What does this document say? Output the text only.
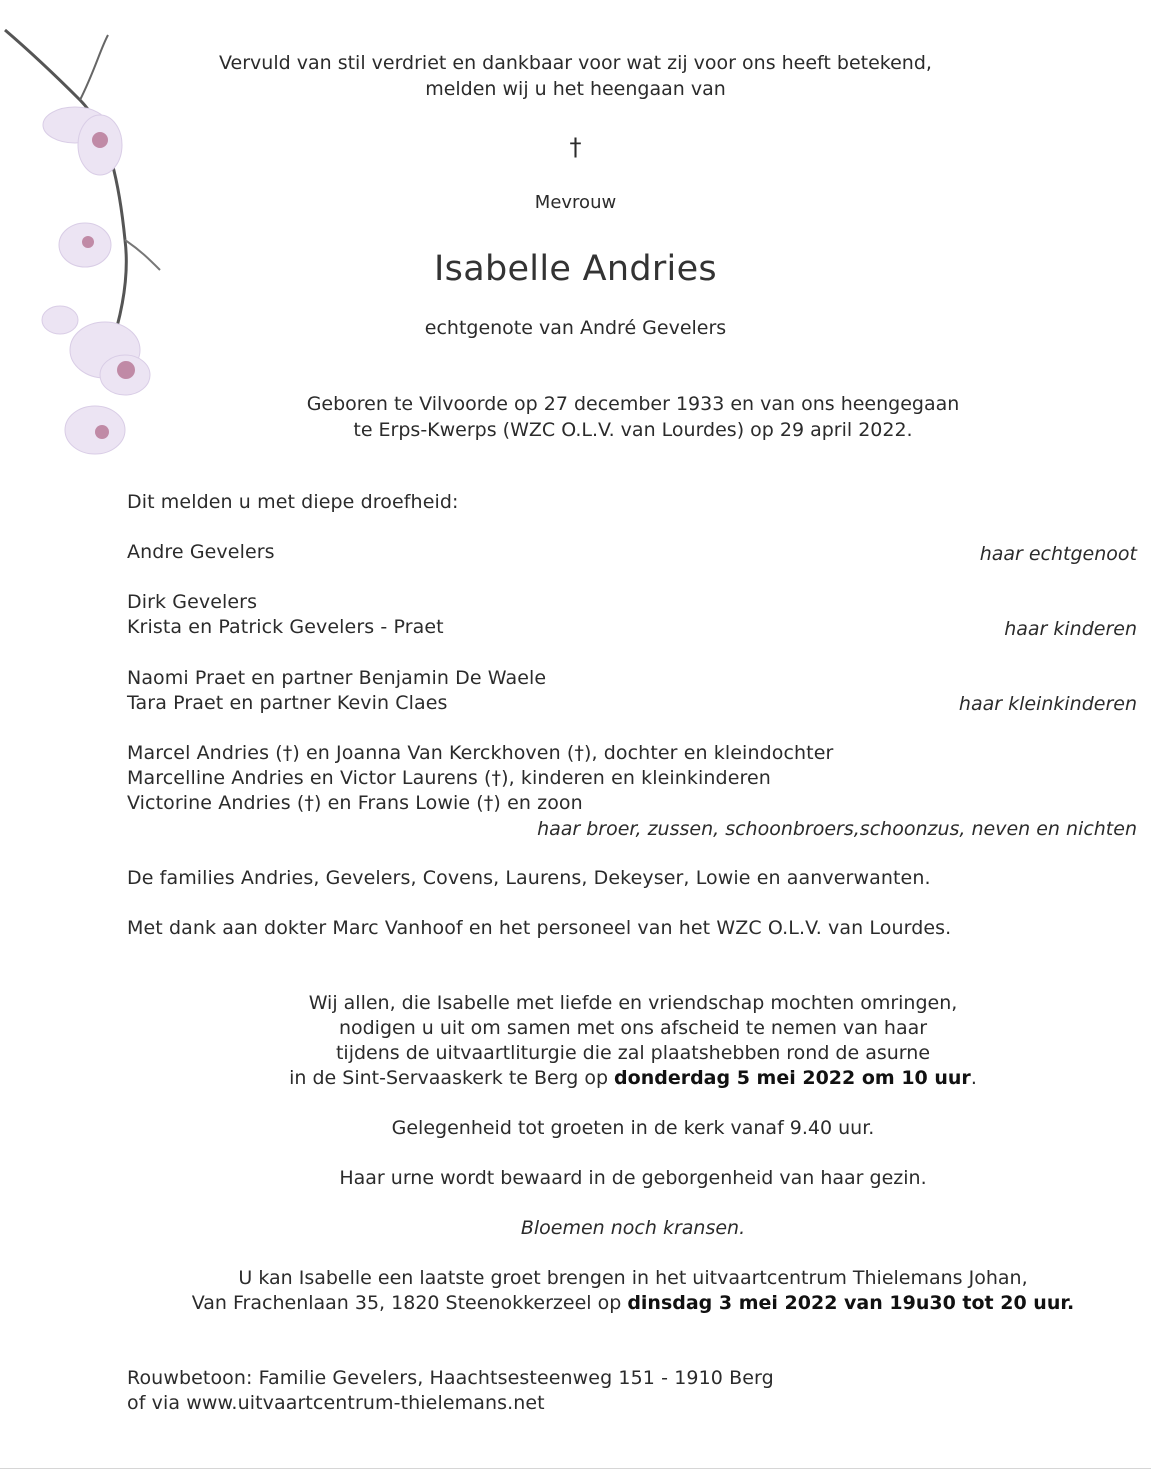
Vervuld van stil verdriet en dankbaar voor wat zij voor ons heeft betekend,
melden wij u het heengaan van
†
Mevrouw
Isabelle Andries
echtgenote van André Gevelers
Geboren te Vilvoorde op 27 december 1933 en van ons heengegaan
te Erps-Kwerps (WZC O.L.V. van Lourdes) op 29 april 2022.
Dit melden u met diepe droefheid:
Andre Gevelers	haar echtgenoot
Dirk Gevelers
Krista en Patrick Gevelers - Praet	haar kinderen
Naomi Praet en partner Benjamin De Waele
Tara Praet en partner Kevin Claes	haar kleinkinderen
Marcel Andries (†) en Joanna Van Kerckhoven (†), dochter en kleindochter
Marcelline Andries en Victor Laurens (†), kinderen en kleinkinderen
Victorine Andries (†) en Frans Lowie (†) en zoon
haar broer, zussen, schoonbroers,schoonzus, neven en nichten
De families Andries, Gevelers, Covens, Laurens, Dekeyser, Lowie en aanverwanten.
Met dank aan dokter Marc Vanhoof en het personeel van het WZC O.L.V. van Lourdes.
Wij allen, die Isabelle met liefde en vriendschap mochten omringen,
nodigen u uit om samen met ons afscheid te nemen van haar
tijdens de uitvaartliturgie die zal plaatshebben rond de asurne
in de Sint-Servaaskerk te Berg op donderdag 5 mei 2022 om 10 uur.
Gelegenheid tot groeten in de kerk vanaf 9.40 uur.
Haar urne wordt bewaard in de geborgenheid van haar gezin.
Bloemen noch kransen.
U kan Isabelle een laatste groet brengen in het uitvaartcentrum Thielemans Johan,
Van Frachenlaan 35, 1820 Steenokkerzeel op dinsdag 3 mei 2022 van 19u30 tot 20 uur.
Rouwbetoon: Familie Gevelers, Haachtsesteenweg 151 - 1910 Berg
of via www.uitvaartcentrum-thielemans.net
